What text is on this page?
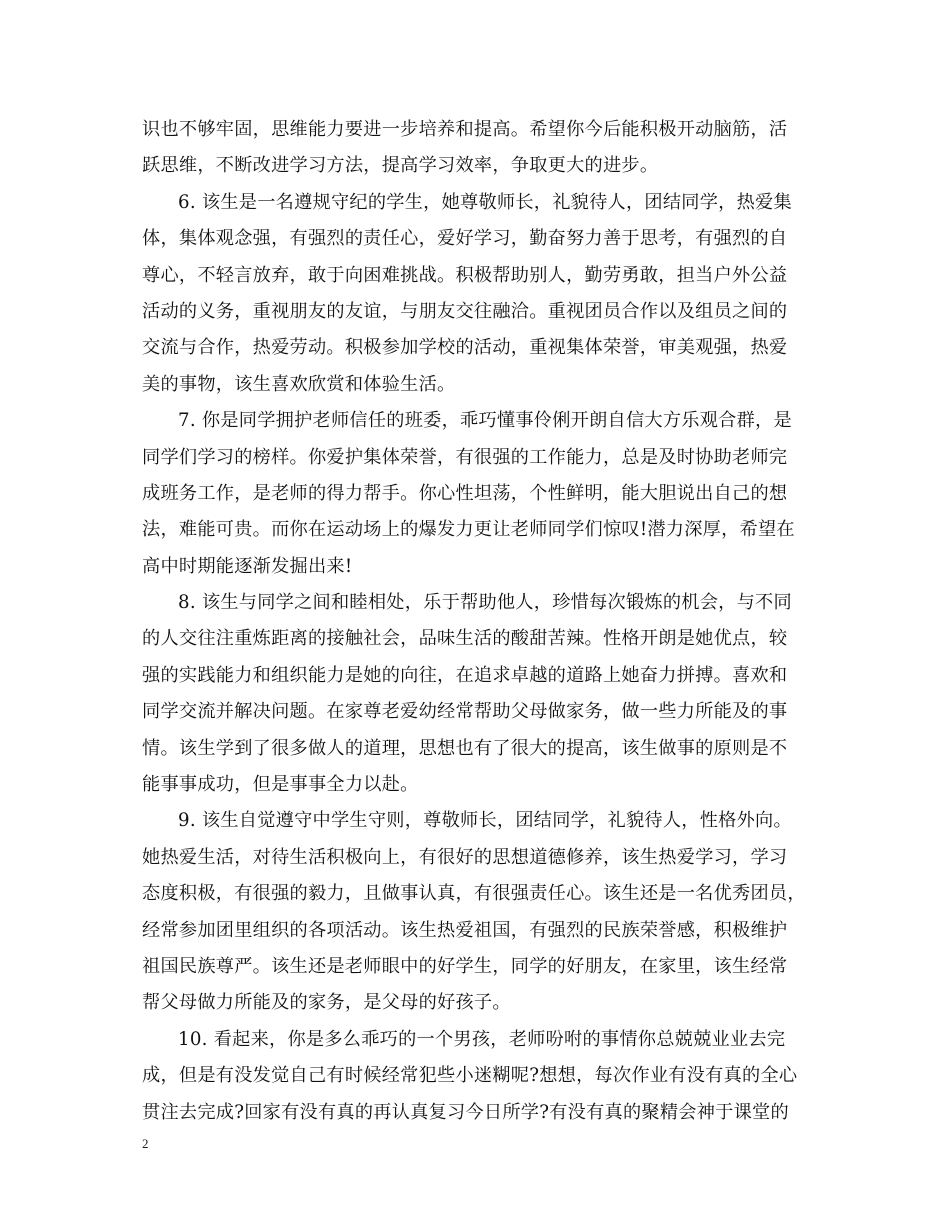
识也不够牢固，思维能力要进一步培养和提高。希望你今后能积极开动脑筋，活
跃思维，不断改进学习方法，提高学习效率，争取更大的进步。
6. 该生是一名遵规守纪的学生，她尊敬师长，礼貌待人，团结同学，热爱集
体，集体观念强，有强烈的责任心，爱好学习，勤奋努力善于思考，有强烈的自
尊心，不轻言放弃，敢于向困难挑战。积极帮助别人，勤劳勇敢，担当户外公益
活动的义务，重视朋友的友谊，与朋友交往融洽。重视团员合作以及组员之间的
交流与合作，热爱劳动。积极参加学校的活动，重视集体荣誉，审美观强，热爱
美的事物，该生喜欢欣赏和体验生活。
7. 你是同学拥护老师信任的班委，乖巧懂事伶俐开朗自信大方乐观合群，是
同学们学习的榜样。你爱护集体荣誉，有很强的工作能力，总是及时协助老师完
成班务工作，是老师的得力帮手。你心性坦荡，个性鲜明，能大胆说出自己的想
法，难能可贵。而你在运动场上的爆发力更让老师同学们惊叹!潜力深厚，希望在
高中时期能逐渐发掘出来!
8. 该生与同学之间和睦相处，乐于帮助他人，珍惜每次锻炼的机会，与不同
的人交往注重炼距离的接触社会，品味生活的酸甜苦辣。性格开朗是她优点，较
强的实践能力和组织能力是她的向往，在追求卓越的道路上她奋力拼搏。喜欢和
同学交流并解决问题。在家尊老爱幼经常帮助父母做家务，做一些力所能及的事
情。该生学到了很多做人的道理，思想也有了很大的提高，该生做事的原则是不
能事事成功，但是事事全力以赴。
9. 该生自觉遵守中学生守则，尊敬师长，团结同学，礼貌待人，性格外向。
她热爱生活，对待生活积极向上，有很好的思想道德修养，该生热爱学习，学习
态度积极，有很强的毅力，且做事认真，有很强责任心。该生还是一名优秀团员，
经常参加团里组织的各项活动。该生热爱祖国，有强烈的民族荣誉感，积极维护
祖国民族尊严。该生还是老师眼中的好学生，同学的好朋友，在家里，该生经常
帮父母做力所能及的家务，是父母的好孩子。
10. 看起来，你是多么乖巧的一个男孩，老师吩咐的事情你总兢兢业业去完
成，但是有没发觉自己有时候经常犯些小迷糊呢?想想，每次作业有没有真的全心
贯注去完成?回家有没有真的再认真复习今日所学?有没有真的聚精会神于课堂的
2
